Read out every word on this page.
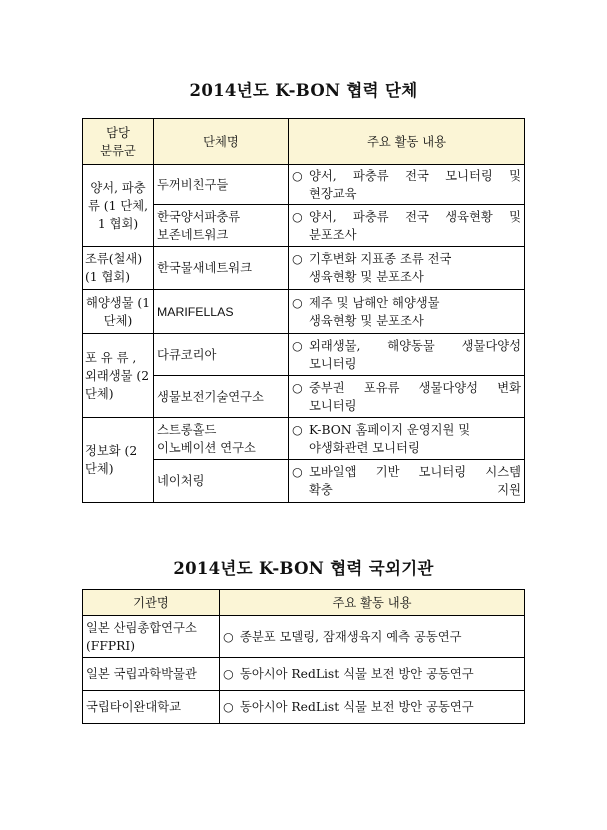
2014년도 K-BON 협력 단체
담당
분류군	단체명	주요 활동 내용
양서, 파충류 (1 단체, 1 협회)	두꺼비친구들	○ 양서, 파충류 전국 모니터링 및
현장교육

	한국양서파충류
보존네트워크	○ 양서, 파충류 전국 생육현황 및
분포조사

조류(철새) (1 협회)	한국물새네트워크	○ 기후변화 지표종 조류 전국
생육현황 및 분포조사

해양생물 (1 단체)	MARIFELLAS	○ 제주 및 남해안 해양생물
생육현황 및 분포조사

포 유 류 , 외래생물 (2 단체)	다큐코리아	○ 외래생물, 해양동물 생물다양성
모니터링

	생물보전기술연구소	○ 중부권 포유류 생물다양성 변화
모니터링

정보화 (2 단체)	스트롱홀드
이노베이션 연구소	○ K-BON 홈페이지 운영지원 및
야생화관련 모니터링

	네이처링	○ 모바일앱 기반 모니터링 시스템
확충 지원
2014년도 K-BON 협력 국외기관
기관명	주요 활동 내용
일본 산림총합연구소
(FFPRI)	○ 종분포 모델링, 잠재생육지 예측 공동연구

일본 국립과학박물관	○ 동아시아 RedList 식물 보전 방안 공동연구

국립타이완대학교	○ 동아시아 RedList 식물 보전 방안 공동연구
